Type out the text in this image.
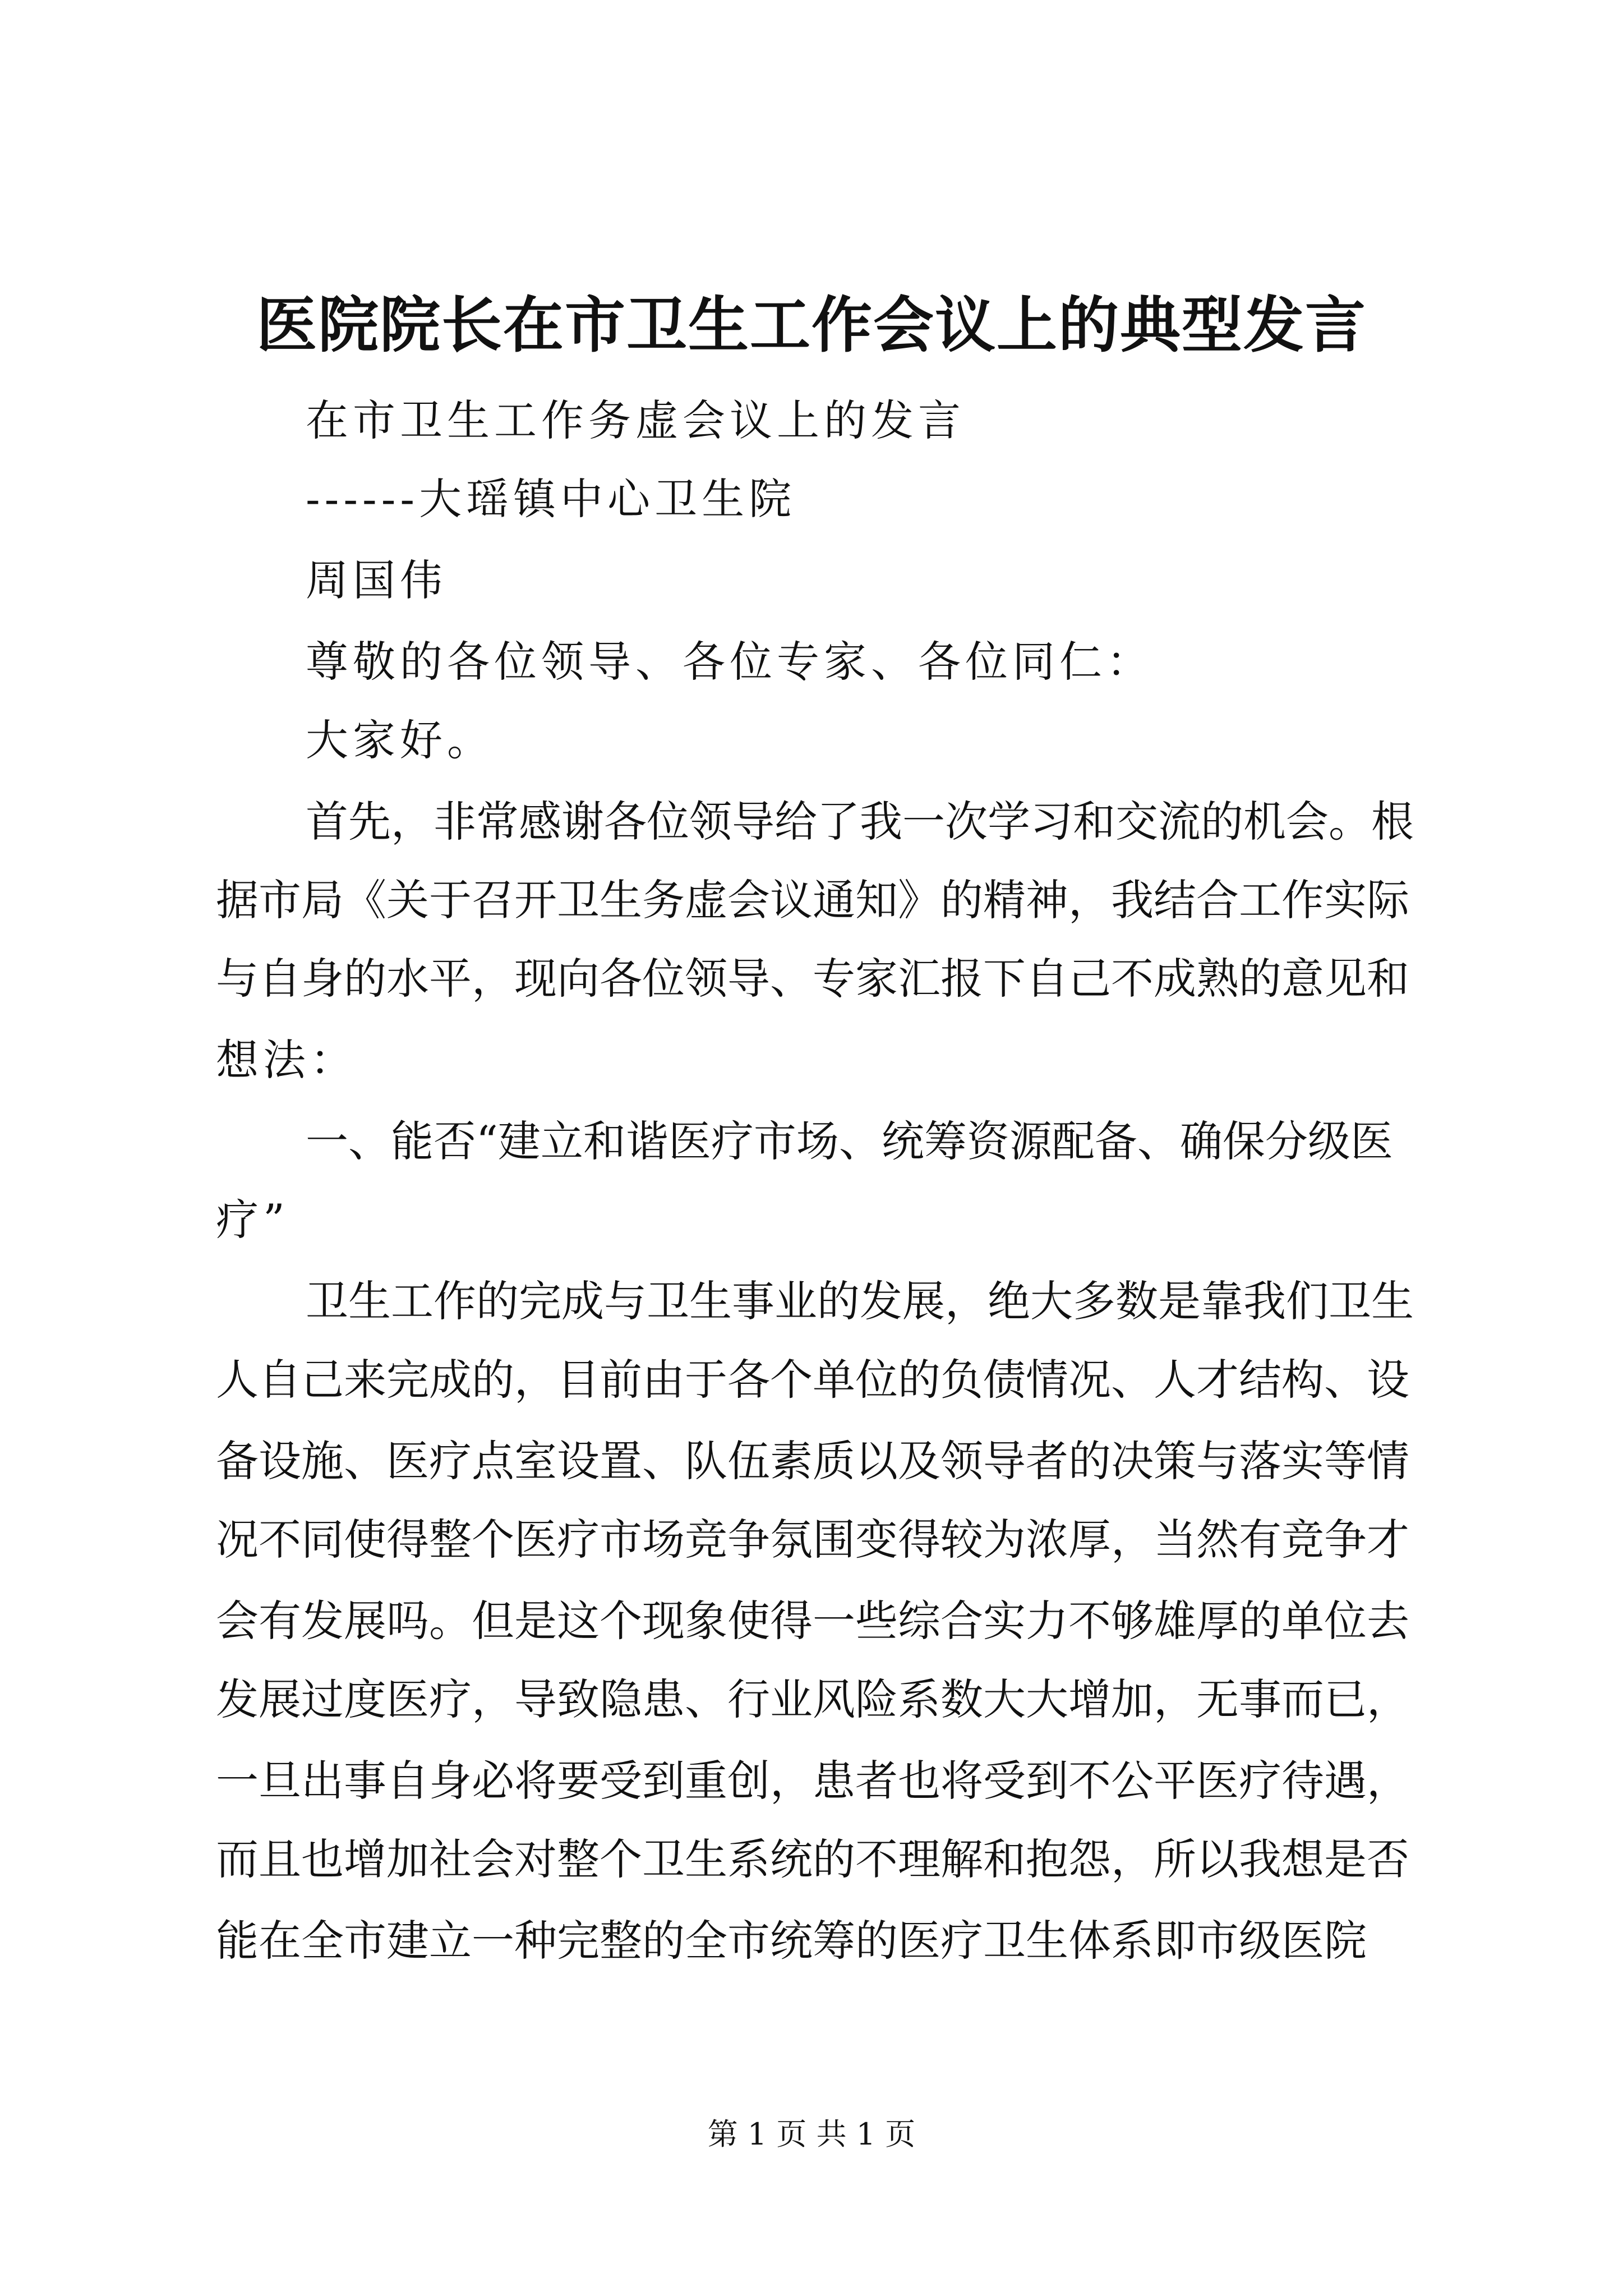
医院院长在市卫生工作会议上的典型发言
在市卫生工作务虚会议上的发言
------大瑶镇中心卫生院
周国伟
尊敬的各位领导、各位专家、各位同仁：
大家好。
首先，非常感谢各位领导给了我一次学习和交流的机会。根
据市局《关于召开卫生务虚会议通知》的精神，我结合工作实际
与自身的水平，现向各位领导、专家汇报下自己不成熟的意见和
想法：
一、能否“建立和谐医疗市场、统筹资源配备、确保分级医
疗”
卫生工作的完成与卫生事业的发展，绝大多数是靠我们卫生
人自己来完成的，目前由于各个单位的负债情况、人才结构、设
备设施、医疗点室设置、队伍素质以及领导者的决策与落实等情
况不同使得整个医疗市场竞争氛围变得较为浓厚，当然有竞争才
会有发展吗。但是这个现象使得一些综合实力不够雄厚的单位去
发展过度医疗，导致隐患、行业风险系数大大增加，无事而已，
一旦出事自身必将要受到重创，患者也将受到不公平医疗待遇，
而且也增加社会对整个卫生系统的不理解和抱怨，所以我想是否
能在全市建立一种完整的全市统筹的医疗卫生体系即市级医院
第 1 页 共 1 页
